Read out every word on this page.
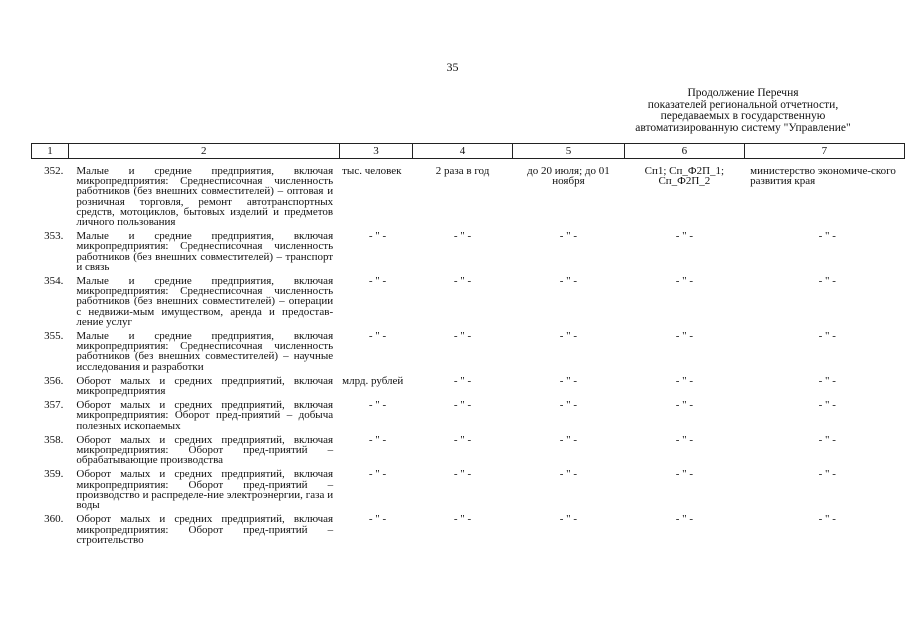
35
Продолжение Перечня
показателей региональной отчетности,
передаваемых в государственную
автоматизированную систему "Управление"
1	2	3	4	5	6	7
352.	Малые и средние предприятия, включая микропредприятия: Среднесписочная численность работников (без внешних совместителей) – оптовая и розничная торговля, ремонт автотранспортных средств, мотоциклов, бытовых изделий и предметов личного пользования	тыс. человек	2 раза в год	до 20 июля; до 01 ноября	Сп1; Сп_Ф2П_1; Сп_Ф2П_2	министерство экономиче-ского развития края
353.	Малые и средние предприятия, включая микропредприятия: Среднесписочная численность работников (без внешних совместителей) – транспорт и связь	- " -	- " -	- " -	- " -	- " -
354.	Малые и средние предприятия, включая микропредприятия: Среднесписочная численность работников (без внешних совместителей) – операции с недвижи-мым имуществом, аренда и предостав-ление услуг	- " -	- " -	- " -	- " -	- " -
355.	Малые и средние предприятия, включая микропредприятия: Среднесписочная численность работников (без внешних совместителей) – научные исследования и разработки	- " -	- " -	- " -	- " -	- " -
356.	Оборот малых и средних предприятий, включая микропредприятия	млрд. рублей	- " -	- " -	- " -	- " -
357.	Оборот малых и средних предприятий, включая микропредприятия: Оборот пред-приятий – добыча полезных ископаемых	- " -	- " -	- " -	- " -	- " -
358.	Оборот малых и средних предприятий, включая микропредприятия: Оборот пред-приятий – обрабатывающие производства	- " -	- " -	- " -	- " -	- " -
359.	Оборот малых и средних предприятий, включая микропредприятия: Оборот пред-приятий – производство и распределе-ние электроэнергии, газа и воды	- " -	- " -	- " -	- " -	- " -
360.	Оборот малых и средних предприятий, включая микропредприятия: Оборот пред-приятий – строительство	- " -	- " -	- " -	- " -	- " -
